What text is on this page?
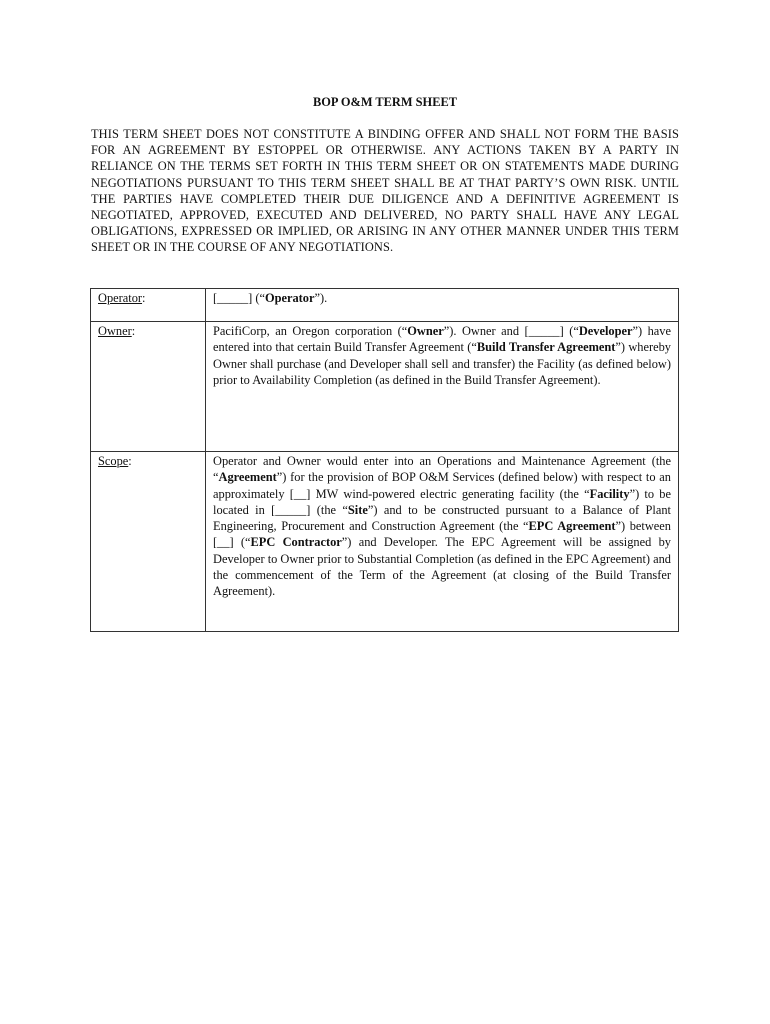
BOP O&M TERM SHEET

THIS TERM SHEET DOES NOT CONSTITUTE A BINDING OFFER AND SHALL NOT FORM THE BASIS FOR AN AGREEMENT BY ESTOPPEL OR OTHERWISE. ANY ACTIONS TAKEN BY A PARTY IN RELIANCE ON THE TERMS SET FORTH IN THIS TERM SHEET OR ON STATEMENTS MADE DURING NEGOTIATIONS PURSUANT TO THIS TERM SHEET SHALL BE AT THAT PARTY’S OWN RISK. UNTIL THE PARTIES HAVE COMPLETED THEIR DUE DILIGENCE AND A DEFINITIVE AGREEMENT IS NEGOTIATED, APPROVED, EXECUTED AND DELIVERED, NO PARTY SHALL HAVE ANY LEGAL OBLIGATIONS, EXPRESSED OR IMPLIED, OR ARISING IN ANY OTHER MANNER UNDER THIS TERM SHEET OR IN THE COURSE OF ANY NEGOTIATIONS.

Operator:	[_____] (“Operator”).

Owner:	PacifiCorp, an Oregon corporation (“Owner”). Owner and [_____] (“Developer”) have entered into that certain Build Transfer Agreement (“Build Transfer Agreement”) whereby Owner shall purchase (and Developer shall sell and transfer) the Facility (as defined below) prior to Availability Completion (as defined in the Build Transfer Agreement).

Scope:	Operator and Owner would enter into an Operations and Maintenance Agreement (the “Agreement”) for the provision of BOP O&M Services (defined below) with respect to an approximately [__] MW wind-powered electric generating facility (the “Facility”) to be located in [_____] (the “Site”) and to be constructed pursuant to a Balance of Plant Engineering, Procurement and Construction Agreement (the “EPC Agreement”) between [__] (“EPC Contractor”) and Developer. The EPC Agreement will be assigned by Developer to Owner prior to Substantial Completion (as defined in the EPC Agreement) and the commencement of the Term of the Agreement (at closing of the Build Transfer Agreement).
